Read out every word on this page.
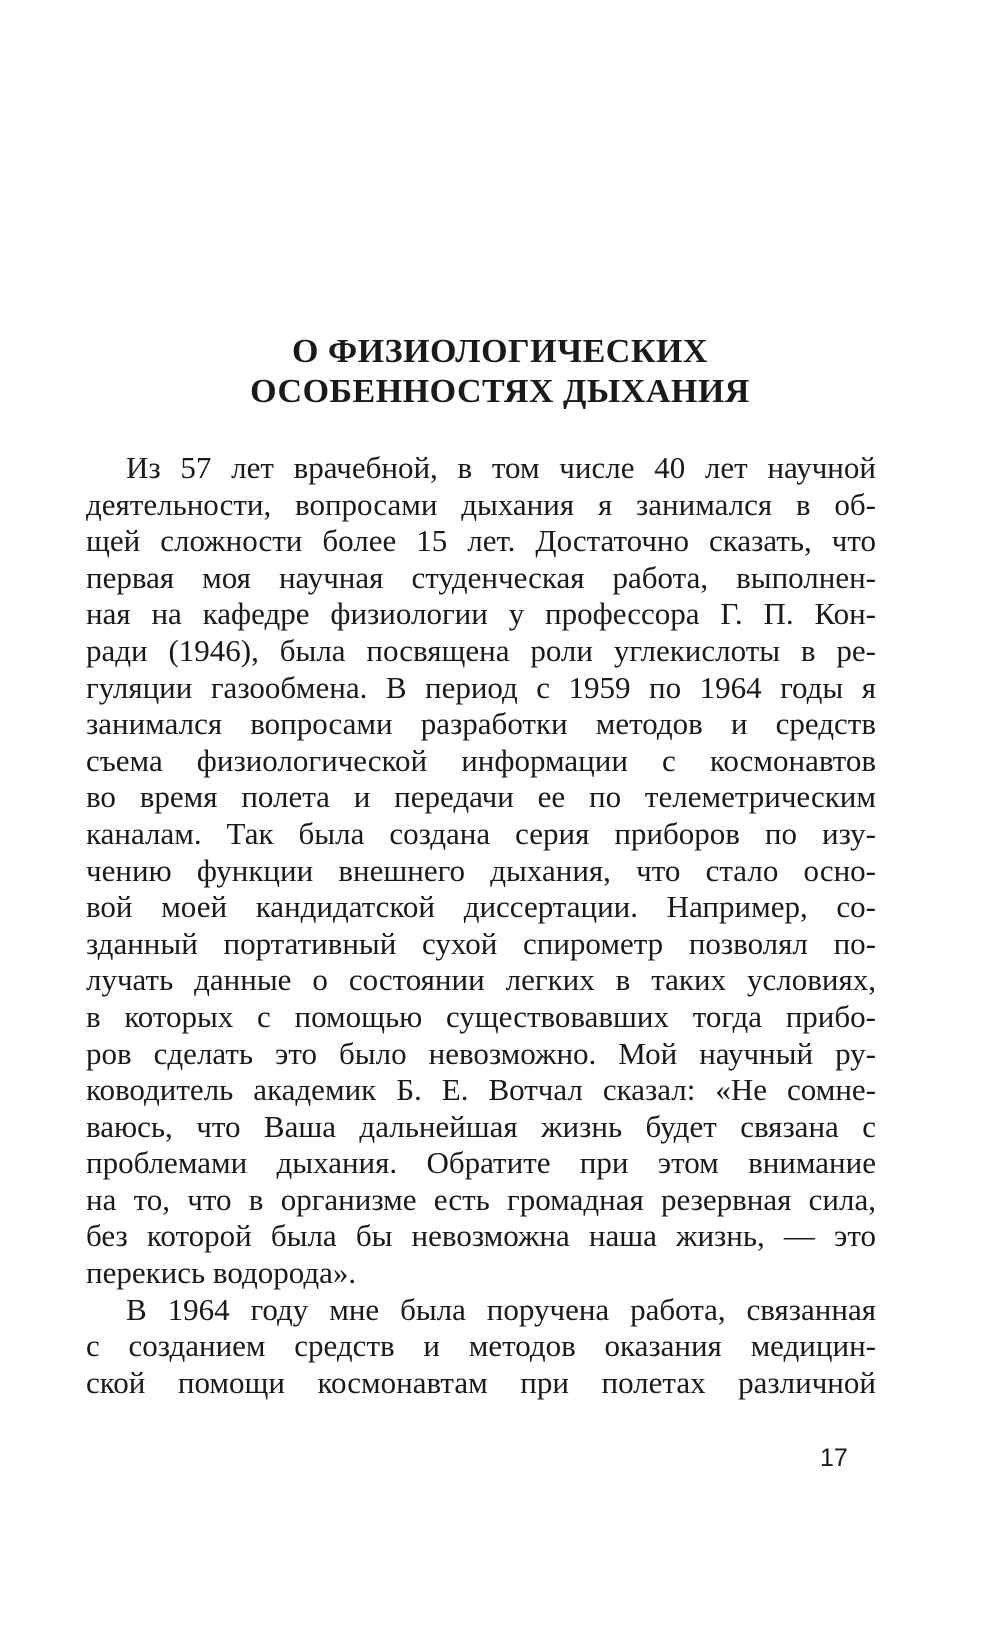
О ФИЗИОЛОГИЧЕСКИХ
ОСОБЕННОСТЯХ ДЫХАНИЯ
Из 57 лет врачебной, в том числе 40 лет научной
деятельности, вопросами дыхания я занимался в об-
щей сложности более 15 лет. Достаточно сказать, что
первая моя научная студенческая работа, выполнен-
ная на кафедре физиологии у профессора Г. П. Кон-
ради (1946), была посвящена роли углекислоты в ре-
гуляции газообмена. В период с 1959 по 1964 годы я
занимался вопросами разработки методов и средств
съема физиологической информации с космонавтов
во время полета и передачи ее по телеметрическим
каналам. Так была создана серия приборов по изу-
чению функции внешнего дыхания, что стало осно-
вой моей кандидатской диссертации. Например, со-
зданный портативный сухой спирометр позволял по-
лучать данные о состоянии легких в таких условиях,
в которых с помощью существовавших тогда прибо-
ров сделать это было невозможно. Мой научный ру-
ководитель академик Б. Е. Вотчал сказал: «Не сомне-
ваюсь, что Ваша дальнейшая жизнь будет связана с
проблемами дыхания. Обратите при этом внимание
на то, что в организме есть громадная резервная сила,
без которой была бы невозможна наша жизнь, — это
перекись водорода».
В 1964 году мне была поручена работа, связанная
с созданием средств и методов оказания медицин-
ской помощи космонавтам при полетах различной
17
